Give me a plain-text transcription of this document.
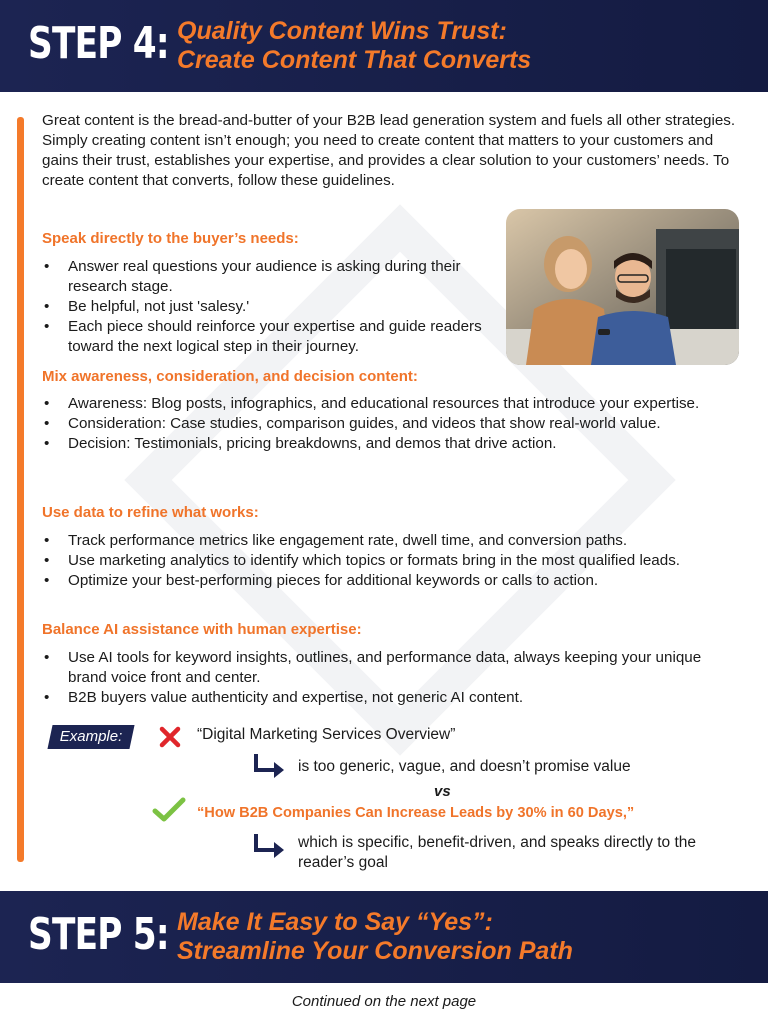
STEP 4: Quality Content Wins Trust:
Create Content That Converts

Great content is the bread-and-butter of your B2B lead generation system and fuels all other strategies. Simply creating content isn’t enough; you need to create content that matters to your customers and gains their trust, establishes your expertise, and provides a clear solution to your customers’ needs. To create content that converts, follow these guidelines.

Speak directly to the buyer’s needs:
• Answer real questions your audience is asking during their research stage.
• Be helpful, not just 'salesy.'
• Each piece should reinforce your expertise and guide readers toward the next logical step in their journey.
Mix awareness, consideration, and decision content:
• Awareness: Blog posts, infographics, and educational resources that introduce your expertise.
• Consideration: Case studies, comparison guides, and videos that show real-world value.
• Decision: Testimonials, pricing breakdowns, and demos that drive action.
Use data to refine what works:
• Track performance metrics like engagement rate, dwell time, and conversion paths.
• Use marketing analytics to identify which topics or formats bring in the most qualified leads.
• Optimize your best-performing pieces for additional keywords or calls to action.
Balance AI assistance with human expertise:
• Use AI tools for keyword insights, outlines, and performance data, always keeping your unique brand voice front and center.
• B2B buyers value authenticity and expertise, not generic AI content.
Example:	“Digital Marketing Services Overview”
is too generic, vague, and doesn’t promise value
vs
“How B2B Companies Can Increase Leads by 30% in 60 Days,”
which is specific, benefit-driven, and speaks directly to the reader’s goal
STEP 5: Make It Easy to Say “Yes”:
Streamline Your Conversion Path
Continued on the next page
